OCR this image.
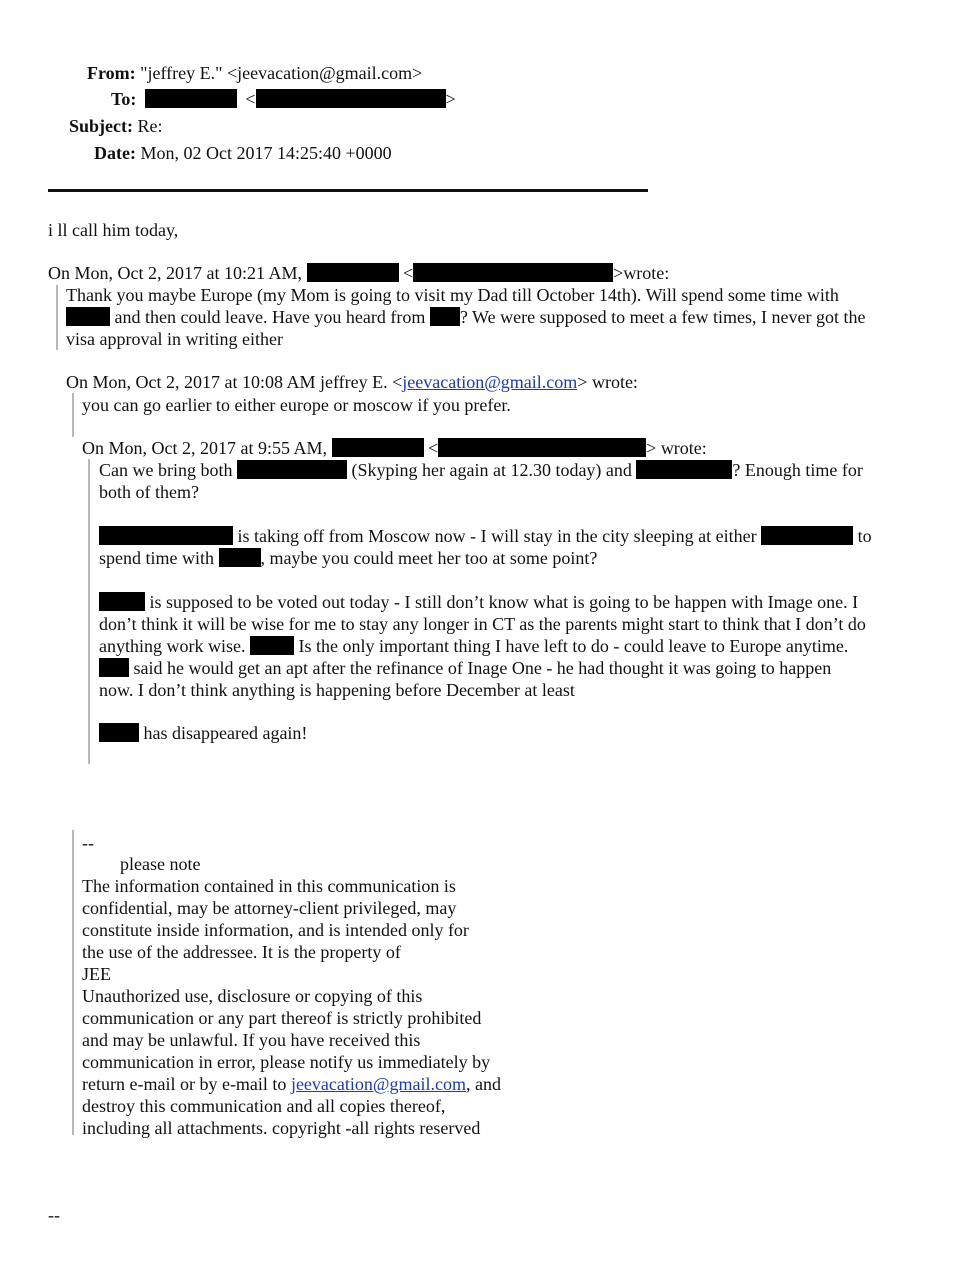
From: "jeffrey E." <jeevacation@gmail.com>
To:	<	>
Subject: Re:
Date: Mon, 02 Oct 2017 14:25:40 +0000
i ll call him today,
On Mon, Oct 2, 2017 at 10:21 AM,	<	>wrote:
Thank you maybe Europe (my Mom is going to visit my Dad till October 14th). Will spend some time with
and then could leave. Have you heard from ? We were supposed to meet a few times, I never got the
visa approval in writing either
On Mon, Oct 2, 2017 at 10:08 AM jeffrey E. <jeevacation@gmail.com> wrote:
you can go earlier to either europe or moscow if you prefer.
On Mon, Oct 2, 2017 at 9:55 AM,	<	> wrote:
Can we bring both	(Skyping her again at 12.30 today) and	? Enough time for
both of them?
is taking off from Moscow now - I will stay in the city sleeping at either	to
spend time with	, maybe you could meet her too at some point?
is supposed to be voted out today - I still don’t know what is going to be happen with Image one. I
don’t think it will be wise for me to stay any longer in CT as the parents might start to think that I don’t do
anything work wise.	Is the only important thing I have left to do - could leave to Europe anytime.
said he would get an apt after the refinance of Inage One - he had thought it was going to happen
now. I don’t think anything is happening before December at least
has disappeared again!
--
please note
The information contained in this communication is
confidential, may be attorney-client privileged, may
constitute inside information, and is intended only for
the use of the addressee. It is the property of
JEE
Unauthorized use, disclosure or copying of this
communication or any part thereof is strictly prohibited
and may be unlawful. If you have received this
communication in error, please notify us immediately by
return e-mail or by e-mail to jeevacation@gmail.com, and
destroy this communication and all copies thereof,
including all attachments. copyright -all rights reserved
--
